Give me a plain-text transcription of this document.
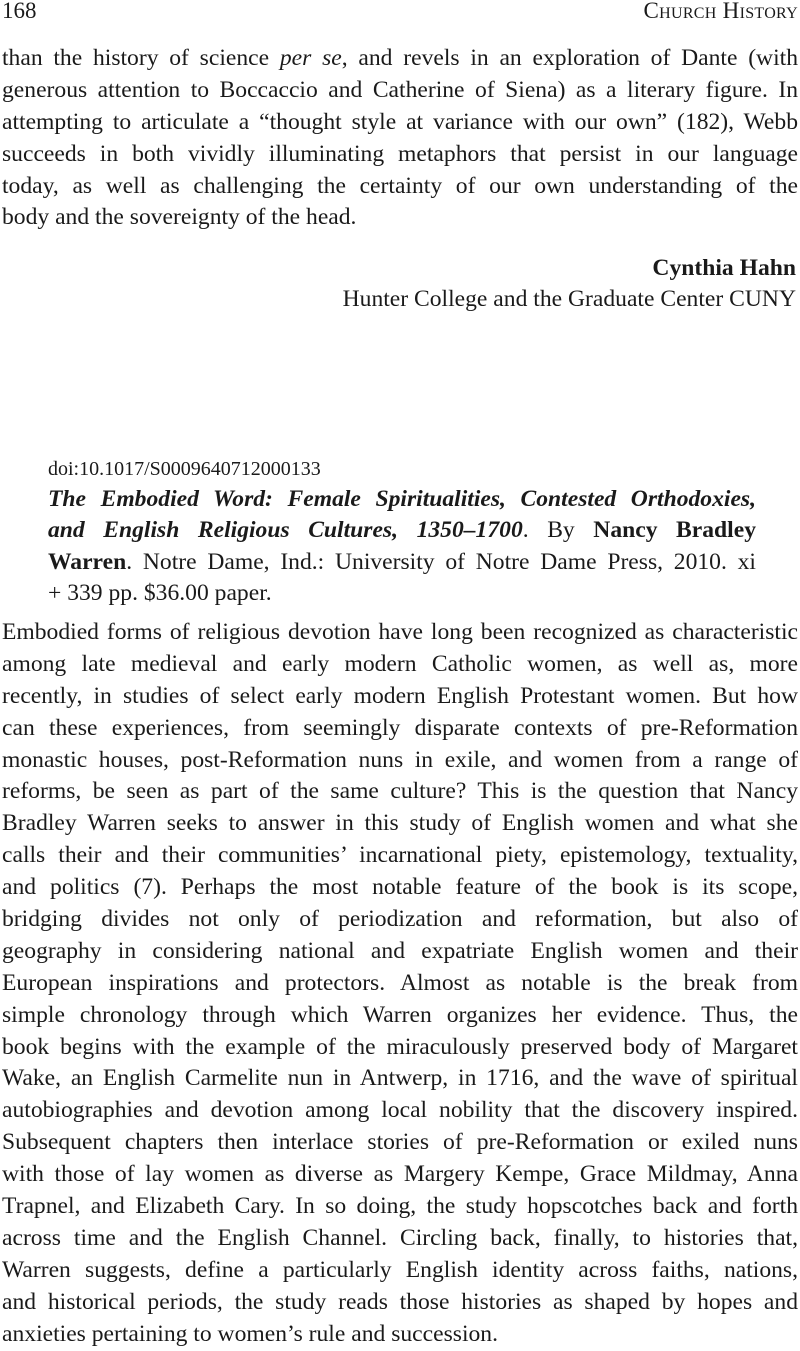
168	Church History
than the history of science per se, and revels in an exploration of Dante (with
generous attention to Boccaccio and Catherine of Siena) as a literary figure. In
attempting to articulate a “thought style at variance with our own” (182), Webb
succeeds in both vividly illuminating metaphors that persist in our language
today, as well as challenging the certainty of our own understanding of the
body and the sovereignty of the head.
Cynthia Hahn
Hunter College and the Graduate Center CUNY
doi:10.1017/S0009640712000133
The Embodied Word: Female Spiritualities, Contested Orthodoxies,
and English Religious Cultures, 1350–1700. By Nancy Bradley
Warren. Notre Dame, Ind.: University of Notre Dame Press, 2010. xi
+ 339 pp. $36.00 paper.
Embodied forms of religious devotion have long been recognized as characteristic
among late medieval and early modern Catholic women, as well as, more
recently, in studies of select early modern English Protestant women. But how
can these experiences, from seemingly disparate contexts of pre-Reformation
monastic houses, post-Reformation nuns in exile, and women from a range of
reforms, be seen as part of the same culture? This is the question that Nancy
Bradley Warren seeks to answer in this study of English women and what she
calls their and their communities’ incarnational piety, epistemology, textuality,
and politics (7). Perhaps the most notable feature of the book is its scope,
bridging divides not only of periodization and reformation, but also of
geography in considering national and expatriate English women and their
European inspirations and protectors. Almost as notable is the break from
simple chronology through which Warren organizes her evidence. Thus, the
book begins with the example of the miraculously preserved body of Margaret
Wake, an English Carmelite nun in Antwerp, in 1716, and the wave of spiritual
autobiographies and devotion among local nobility that the discovery inspired.
Subsequent chapters then interlace stories of pre-Reformation or exiled nuns
with those of lay women as diverse as Margery Kempe, Grace Mildmay, Anna
Trapnel, and Elizabeth Cary. In so doing, the study hopscotches back and forth
across time and the English Channel. Circling back, finally, to histories that,
Warren suggests, define a particularly English identity across faiths, nations,
and historical periods, the study reads those histories as shaped by hopes and
anxieties pertaining to women’s rule and succession.
